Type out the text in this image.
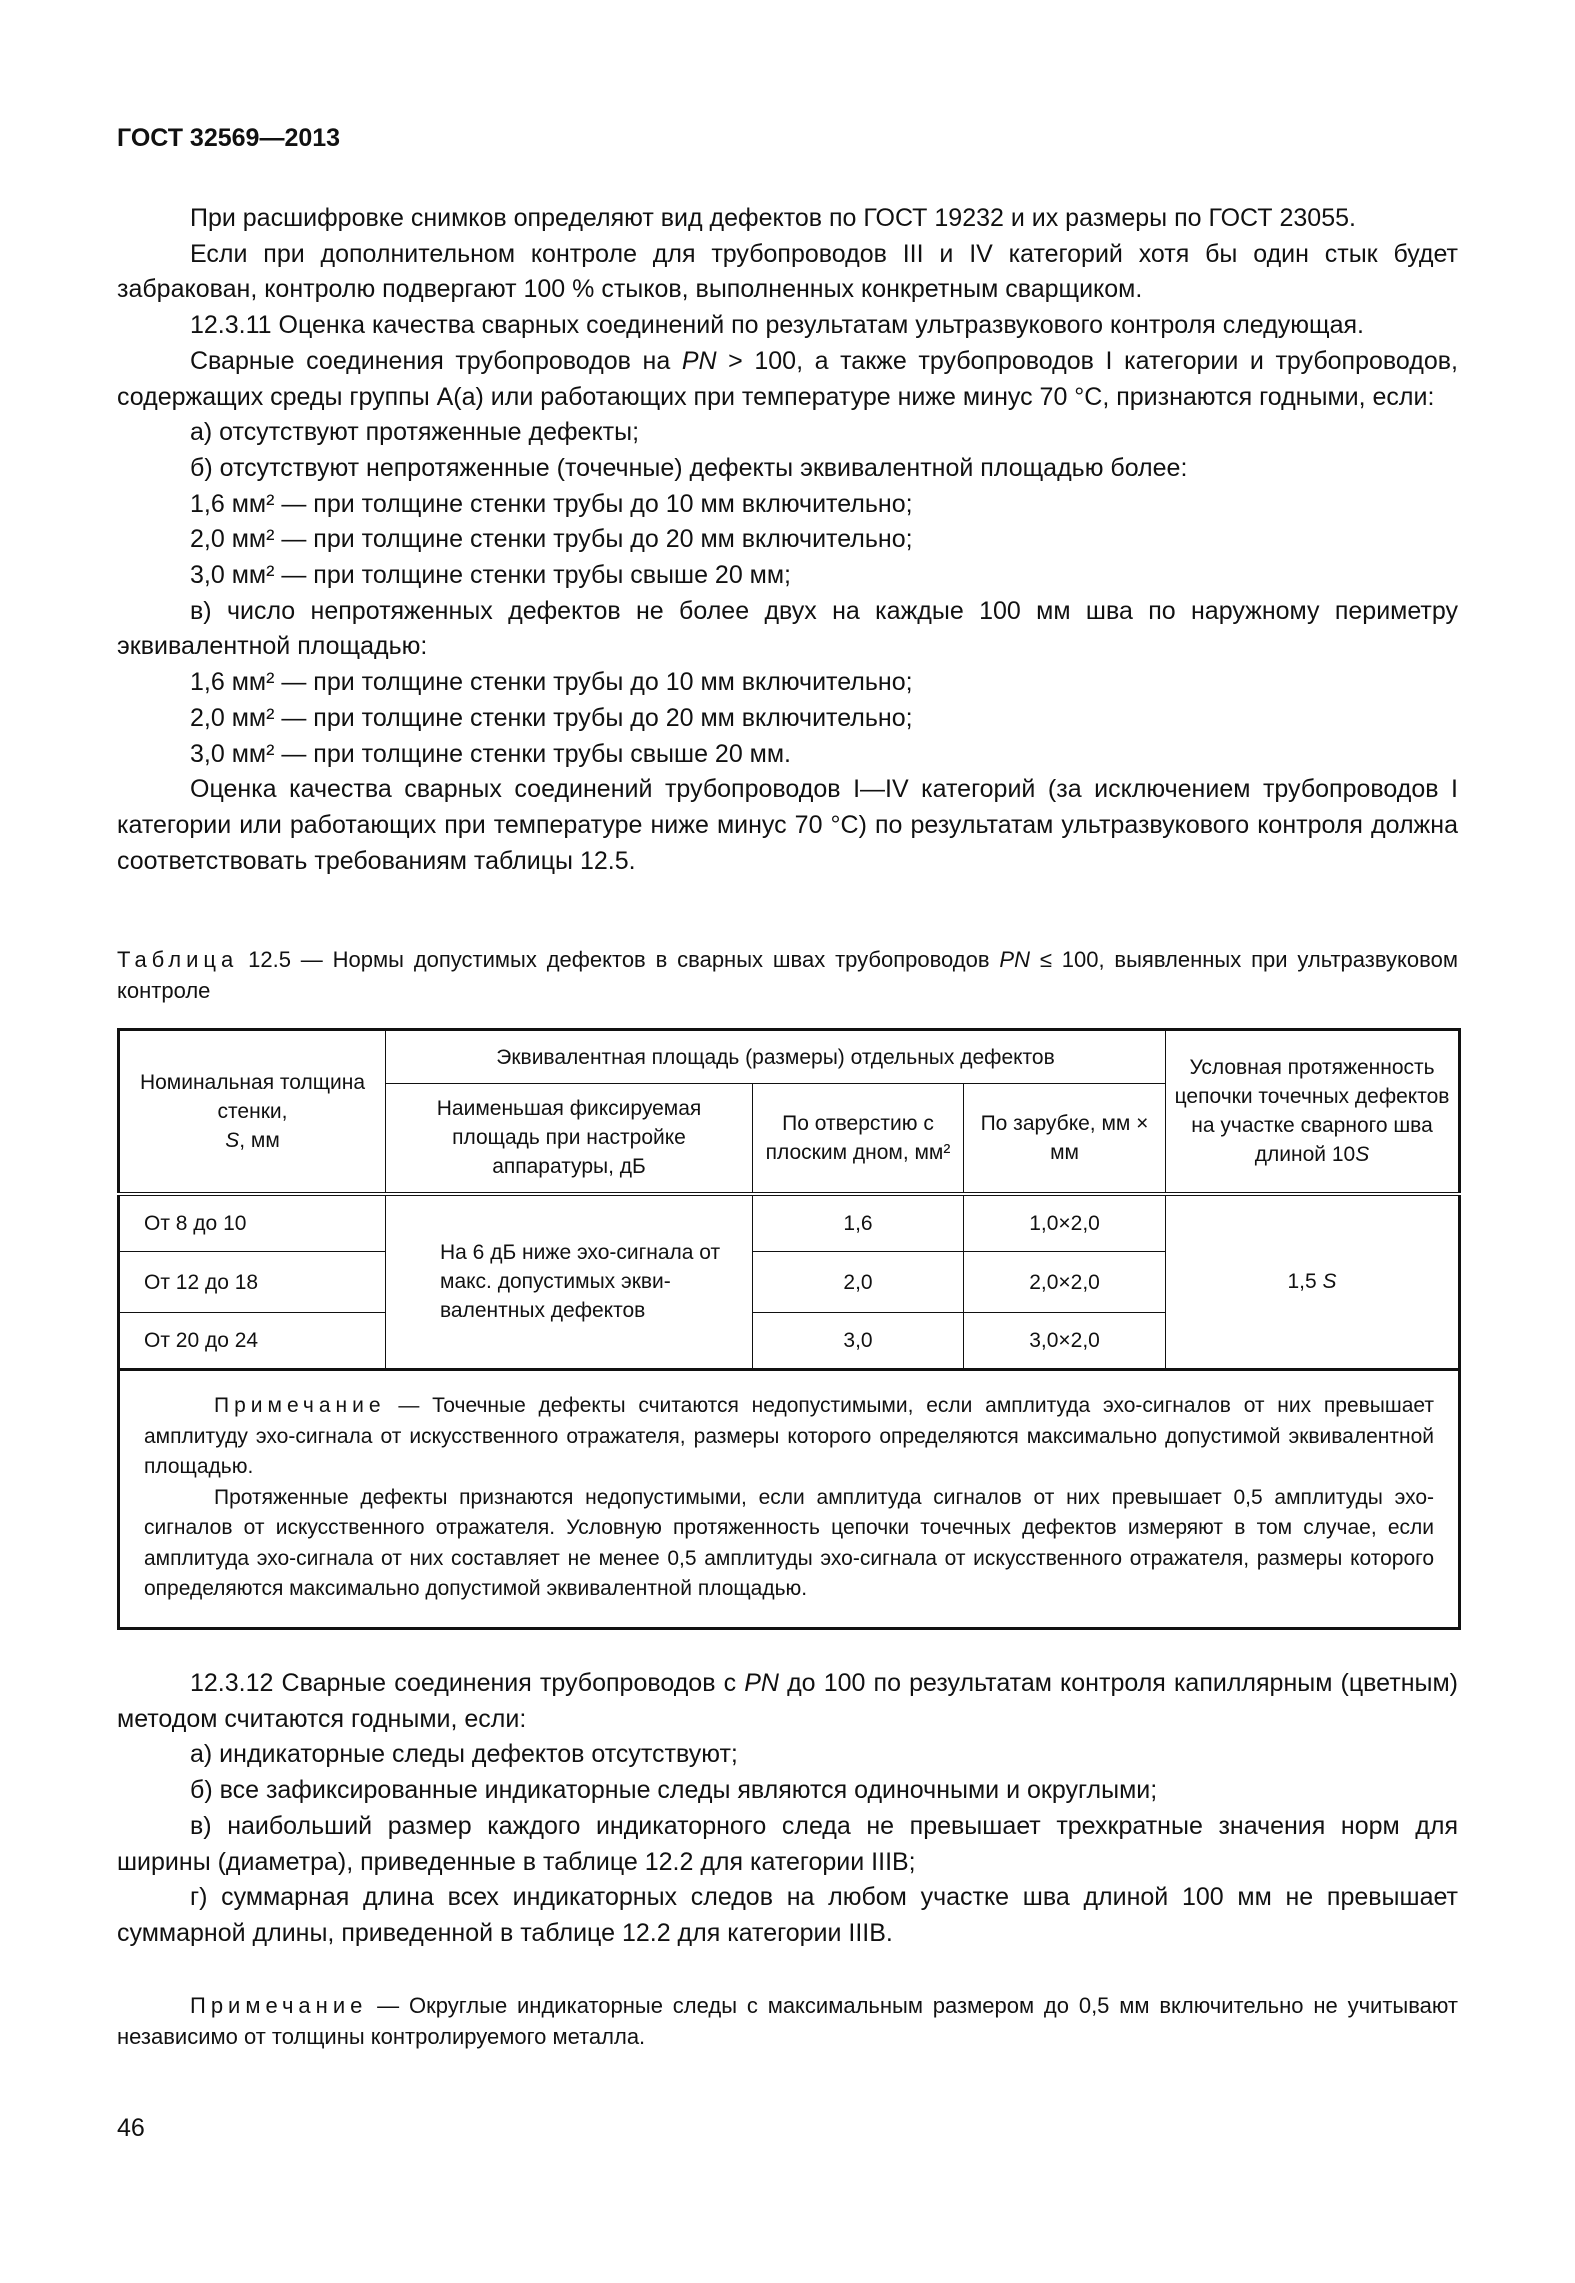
ГОСТ 32569—2013

При расшифровке снимков определяют вид дефектов по ГОСТ 19232 и их размеры по ГОСТ 23055.

Если при дополнительном контроле для трубопроводов III и IV категорий хотя бы один стык будет забракован, контролю подвергают 100 % стыков, выполненных конкретным сварщиком.

12.3.11 Оценка качества сварных соединений по результатам ультразвукового контроля следующая.

Сварные соединения трубопроводов на PN > 100, а также трубопроводов I категории и трубопроводов, содержащих среды группы А(а) или работающих при температуре ниже минус 70 °С, признаются годными, если:

а) отсутствуют протяженные дефекты;

б) отсутствуют непротяженные (точечные) дефекты эквивалентной площадью более:

1,6 мм² — при толщине стенки трубы до 10 мм включительно;

2,0 мм² — при толщине стенки трубы до 20 мм включительно;

3,0 мм² — при толщине стенки трубы свыше 20 мм;

в) число непротяженных дефектов не более двух на каждые 100 мм шва по наружному периметру эквивалентной площадью:

1,6 мм² — при толщине стенки трубы до 10 мм включительно;

2,0 мм² — при толщине стенки трубы до 20 мм включительно;

3,0 мм² — при толщине стенки трубы свыше 20 мм.

Оценка качества сварных соединений трубопроводов I—IV категорий (за исключением трубопроводов I категории или работающих при температуре ниже минус 70 °С) по результатам ультразвукового контроля должна соответствовать требованиям таблицы 12.5.

Таблица 12.5 — Нормы допустимых дефектов в сварных швах трубопроводов PN ≤ 100, выявленных при ультразвуковом контроле
Номинальная толщина стенки,
S, мм	Эквивалентная площадь (размеры) отдельных дефектов			Условная протяженность цепочки точечных дефектов на участке сварного шва длиной 10S
	Наименьшая фиксируемая площадь при настройке аппаратуры, дБ	По отверстию с плоским дном, мм²	По зарубке, мм × мм	
От 8 до 10	На 6 дБ ниже эхо-сигнала от макс. допустимых эквивалентных дефектов	1,6	1,0×2,0	1,5 S
От 12 до 18		2,0	2,0×2,0	
От 20 до 24		3,0	3,0×2,0	

Примечание — Точечные дефекты считаются недопустимыми, если амплитуда эхо-сигналов от них превышает амплитуду эхо-сигнала от искусственного отражателя, размеры которого определяются максимально допустимой эквивалентной площадью.

Протяженные дефекты признаются недопустимыми, если амплитуда сигналов от них превышает 0,5 амплитуды эхо-сигналов от искусственного отражателя. Условную протяженность цепочки точечных дефектов измеряют в том случае, если амплитуда эхо-сигнала от них составляет не менее 0,5 амплитуды эхо-сигнала от искусственного отражателя, размеры которого определяются максимально допустимой эквивалентной площадью.				

12.3.12 Сварные соединения трубопроводов с PN до 100 по результатам контроля капиллярным (цветным) методом считаются годными, если:

а) индикаторные следы дефектов отсутствуют;

б) все зафиксированные индикаторные следы являются одиночными и округлыми;

в) наибольший размер каждого индикаторного следа не превышает трехкратные значения норм для ширины (диаметра), приведенные в таблице 12.2 для категории IIIВ;

г) суммарная длина всех индикаторных следов на любом участке шва длиной 100 мм не превышает суммарной длины, приведенной в таблице 12.2 для категории IIIВ.

Примечание — Округлые индикаторные следы с максимальным размером до 0,5 мм включительно не учитывают независимо от толщины контролируемого металла.

46
